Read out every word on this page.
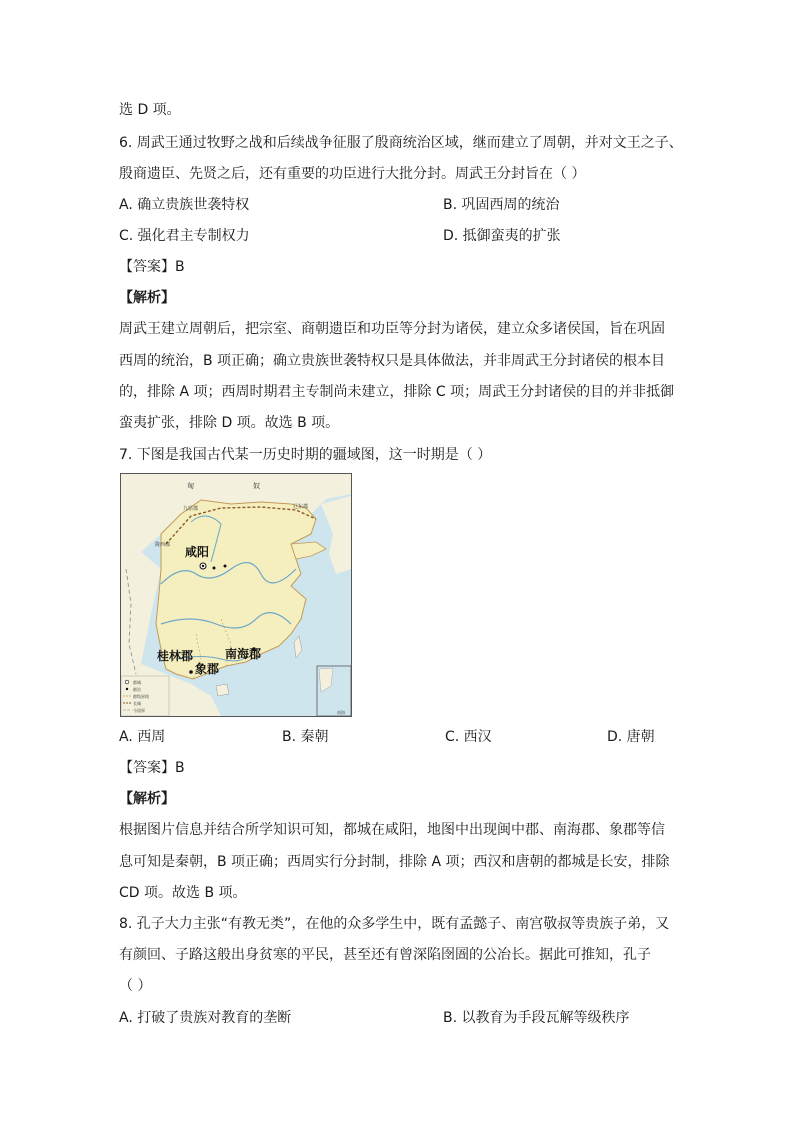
选 D 项。
6. 周武王通过牧野之战和后续战争征服了殷商统治区域，继而建立了周朝，并对文王之子、
殷商遗臣、先贤之后，还有重要的功臣进行大批分封。周武王分封旨在（ ）
A. 确立贵族世袭特权	B. 巩固西周的统治
C. 强化君主专制权力	D. 抵御蛮夷的扩张
【答案】B
【解析】
周武王建立周朝后，把宗室、商朝遗臣和功臣等分封为诸侯，建立众多诸侯国，旨在巩固
西周的统治，B 项正确；确立贵族世袭特权只是具体做法，并非周武王分封诸侯的根本目
的，排除 A 项；西周时期君主专制尚未建立，排除 C 项；周武王分封诸侯的目的并非抵御
蛮夷扩张，排除 D 项。故选 B 项。
7. 下图是我国古代某一历史时期的疆域图，这一时期是（ ）
匈	奴
九原郡	辽东郡
陇西郡 咸阳
桂林郡	南海郡
象郡
南海
都城
郡治
郡级界线
长城
今国界
A. 西周	B. 秦朝	C. 西汉	D. 唐朝
【答案】B
【解析】
根据图片信息并结合所学知识可知，都城在咸阳，地图中出现闽中郡、南海郡、象郡等信
息可知是秦朝，B 项正确；西周实行分封制，排除 A 项；西汉和唐朝的都城是长安，排除
CD 项。故选 B 项。
8. 孔子大力主张“有教无类”，在他的众多学生中，既有孟懿子、南宫敬叔等贵族子弟，又
有颜回、子路这般出身贫寒的平民，甚至还有曾深陷囹圄的公冶长。据此可推知，孔子
（ ）
A. 打破了贵族对教育的垄断	B. 以教育为手段瓦解等级秩序
